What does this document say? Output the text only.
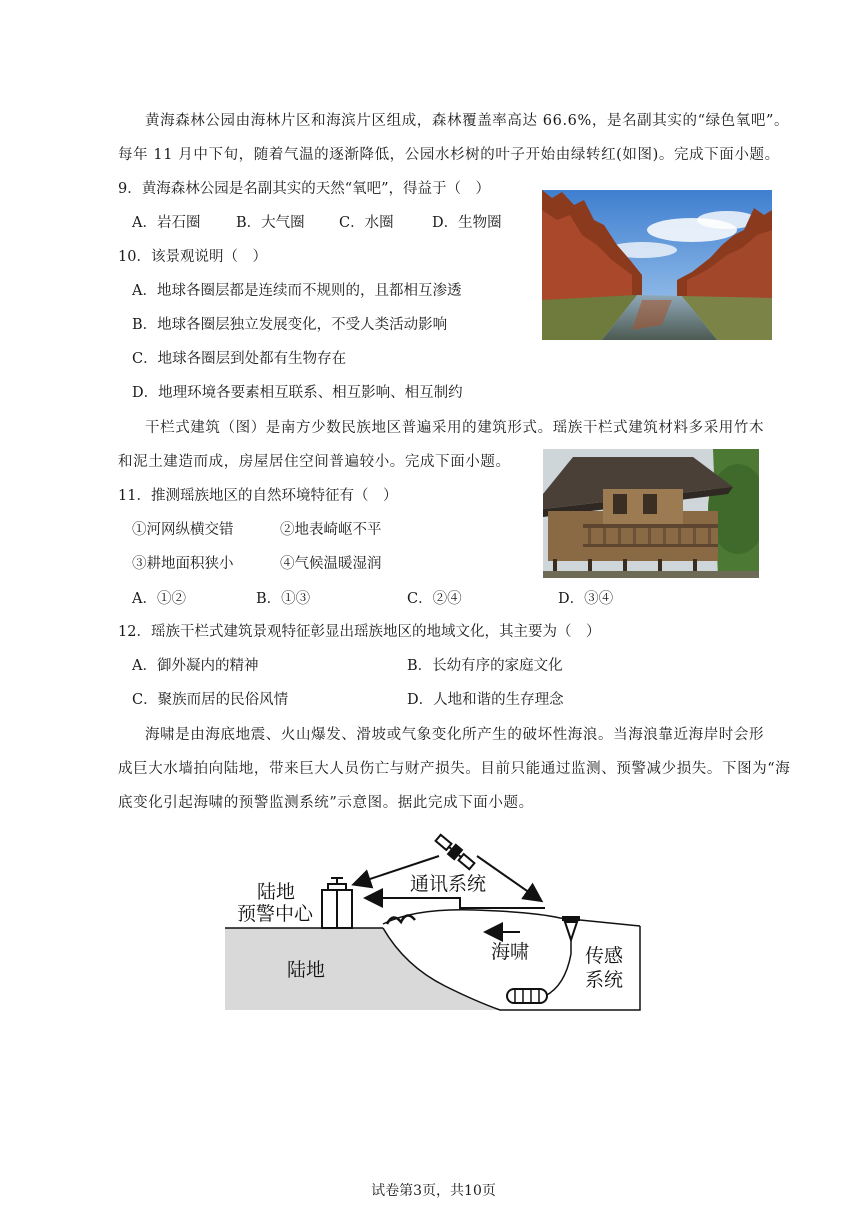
黄海森林公园由海林片区和海滨片区组成，森林覆盖率高达 66.6%，是名副其实的“绿色氧吧”。
每年 11 月中下旬，随着气温的逐渐降低，公园水杉树的叶子开始由绿转红(如图)。完成下面小题。
9．黄海森林公园是名副其实的天然“氧吧”，得益于（　）
A．岩石圈 B．大气圈 C．水圈	D．生物圈
10．该景观说明（　）
A．地球各圈层都是连续而不规则的，且都相互渗透
B．地球各圈层独立发展变化，不受人类活动影响
C．地球各圈层到处都有生物存在
D．地理环境各要素相互联系、相互影响、相互制约
干栏式建筑（图）是南方少数民族地区普遍采用的建筑形式。瑶族干栏式建筑材料多采用竹木
和泥土建造而成，房屋居住空间普遍较小。完成下面小题。
11．推测瑶族地区的自然环境特征有（　）
①河网纵横交错	②地表崎岖不平
③耕地面积狭小	④气候温暖湿润
A．①②	B．①③	C．②④	D．③④
12．瑶族干栏式建筑景观特征彰显出瑶族地区的地域文化，其主要为（　）
A．御外凝内的精神	B．长幼有序的家庭文化
C．聚族而居的民俗风情	D．人地和谐的生存理念
海啸是由海底地震、火山爆发、滑坡或气象变化所产生的破坏性海浪。当海浪靠近海岸时会形
成巨大水墙拍向陆地，带来巨大人员伤亡与财产损失。目前只能通过监测、预警减少损失。下图为“海
底变化引起海啸的预警监测系统”示意图。据此完成下面小题。
陆地
预警中心
通讯系统
陆地
海啸	传感
系统
试卷第3页，共10页
